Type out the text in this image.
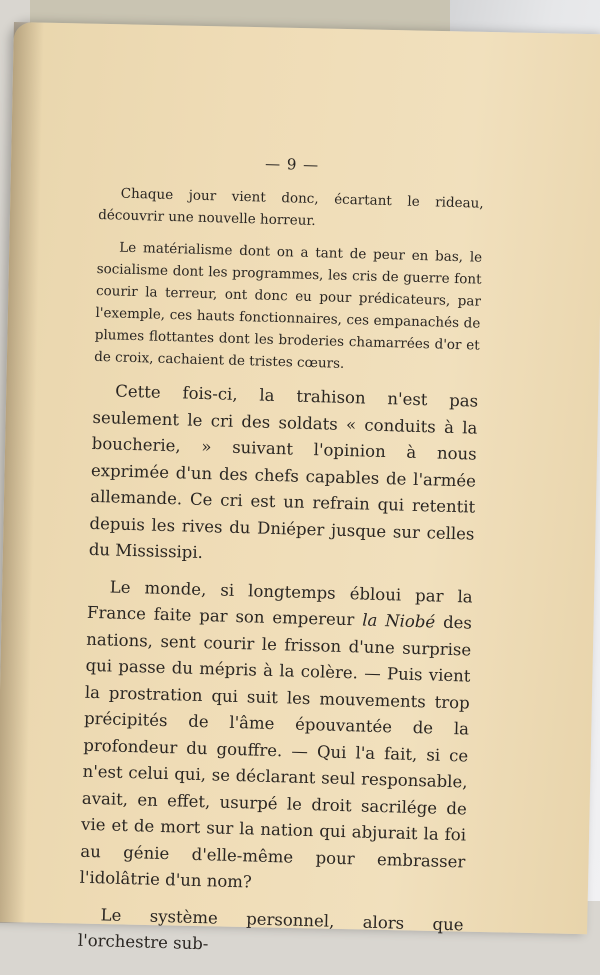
— 9 —

Chaque jour vient donc, écartant le rideau, découvrir une nouvelle horreur.

Le matérialisme dont on a tant de peur en bas, le socialisme dont les programmes, les cris de guerre font courir la terreur, ont donc eu pour prédicateurs, par l'exemple, ces hauts fonctionnaires, ces empanachés de plumes flottantes dont les broderies chamarrées d'or et de croix, cachaient de tristes cœurs.

Cette fois-ci, la trahison n'est pas seulement le cri des soldats « conduits à la boucherie, » suivant l'opinion à nous exprimée d'un des chefs capables de l'armée allemande. Ce cri est un refrain qui retentit depuis les rives du Dniéper jusque sur celles du Mississipi.

Le monde, si longtemps ébloui par la France faite par son empereur la Niobé des nations, sent courir le frisson d'une surprise qui passe du mépris à la colère. — Puis vient la prostration qui suit les mouvements trop précipités de l'âme épouvantée de la profondeur du gouffre. — Qui l'a fait, si ce n'est celui qui, se déclarant seul responsable, avait, en effet, usurpé le droit sacrilége de vie et de mort sur la nation qui abjurait la foi au génie d'elle-même pour embrasser l'idolâtrie d'un nom?

Le système personnel, alors que l'orchestre sub-
